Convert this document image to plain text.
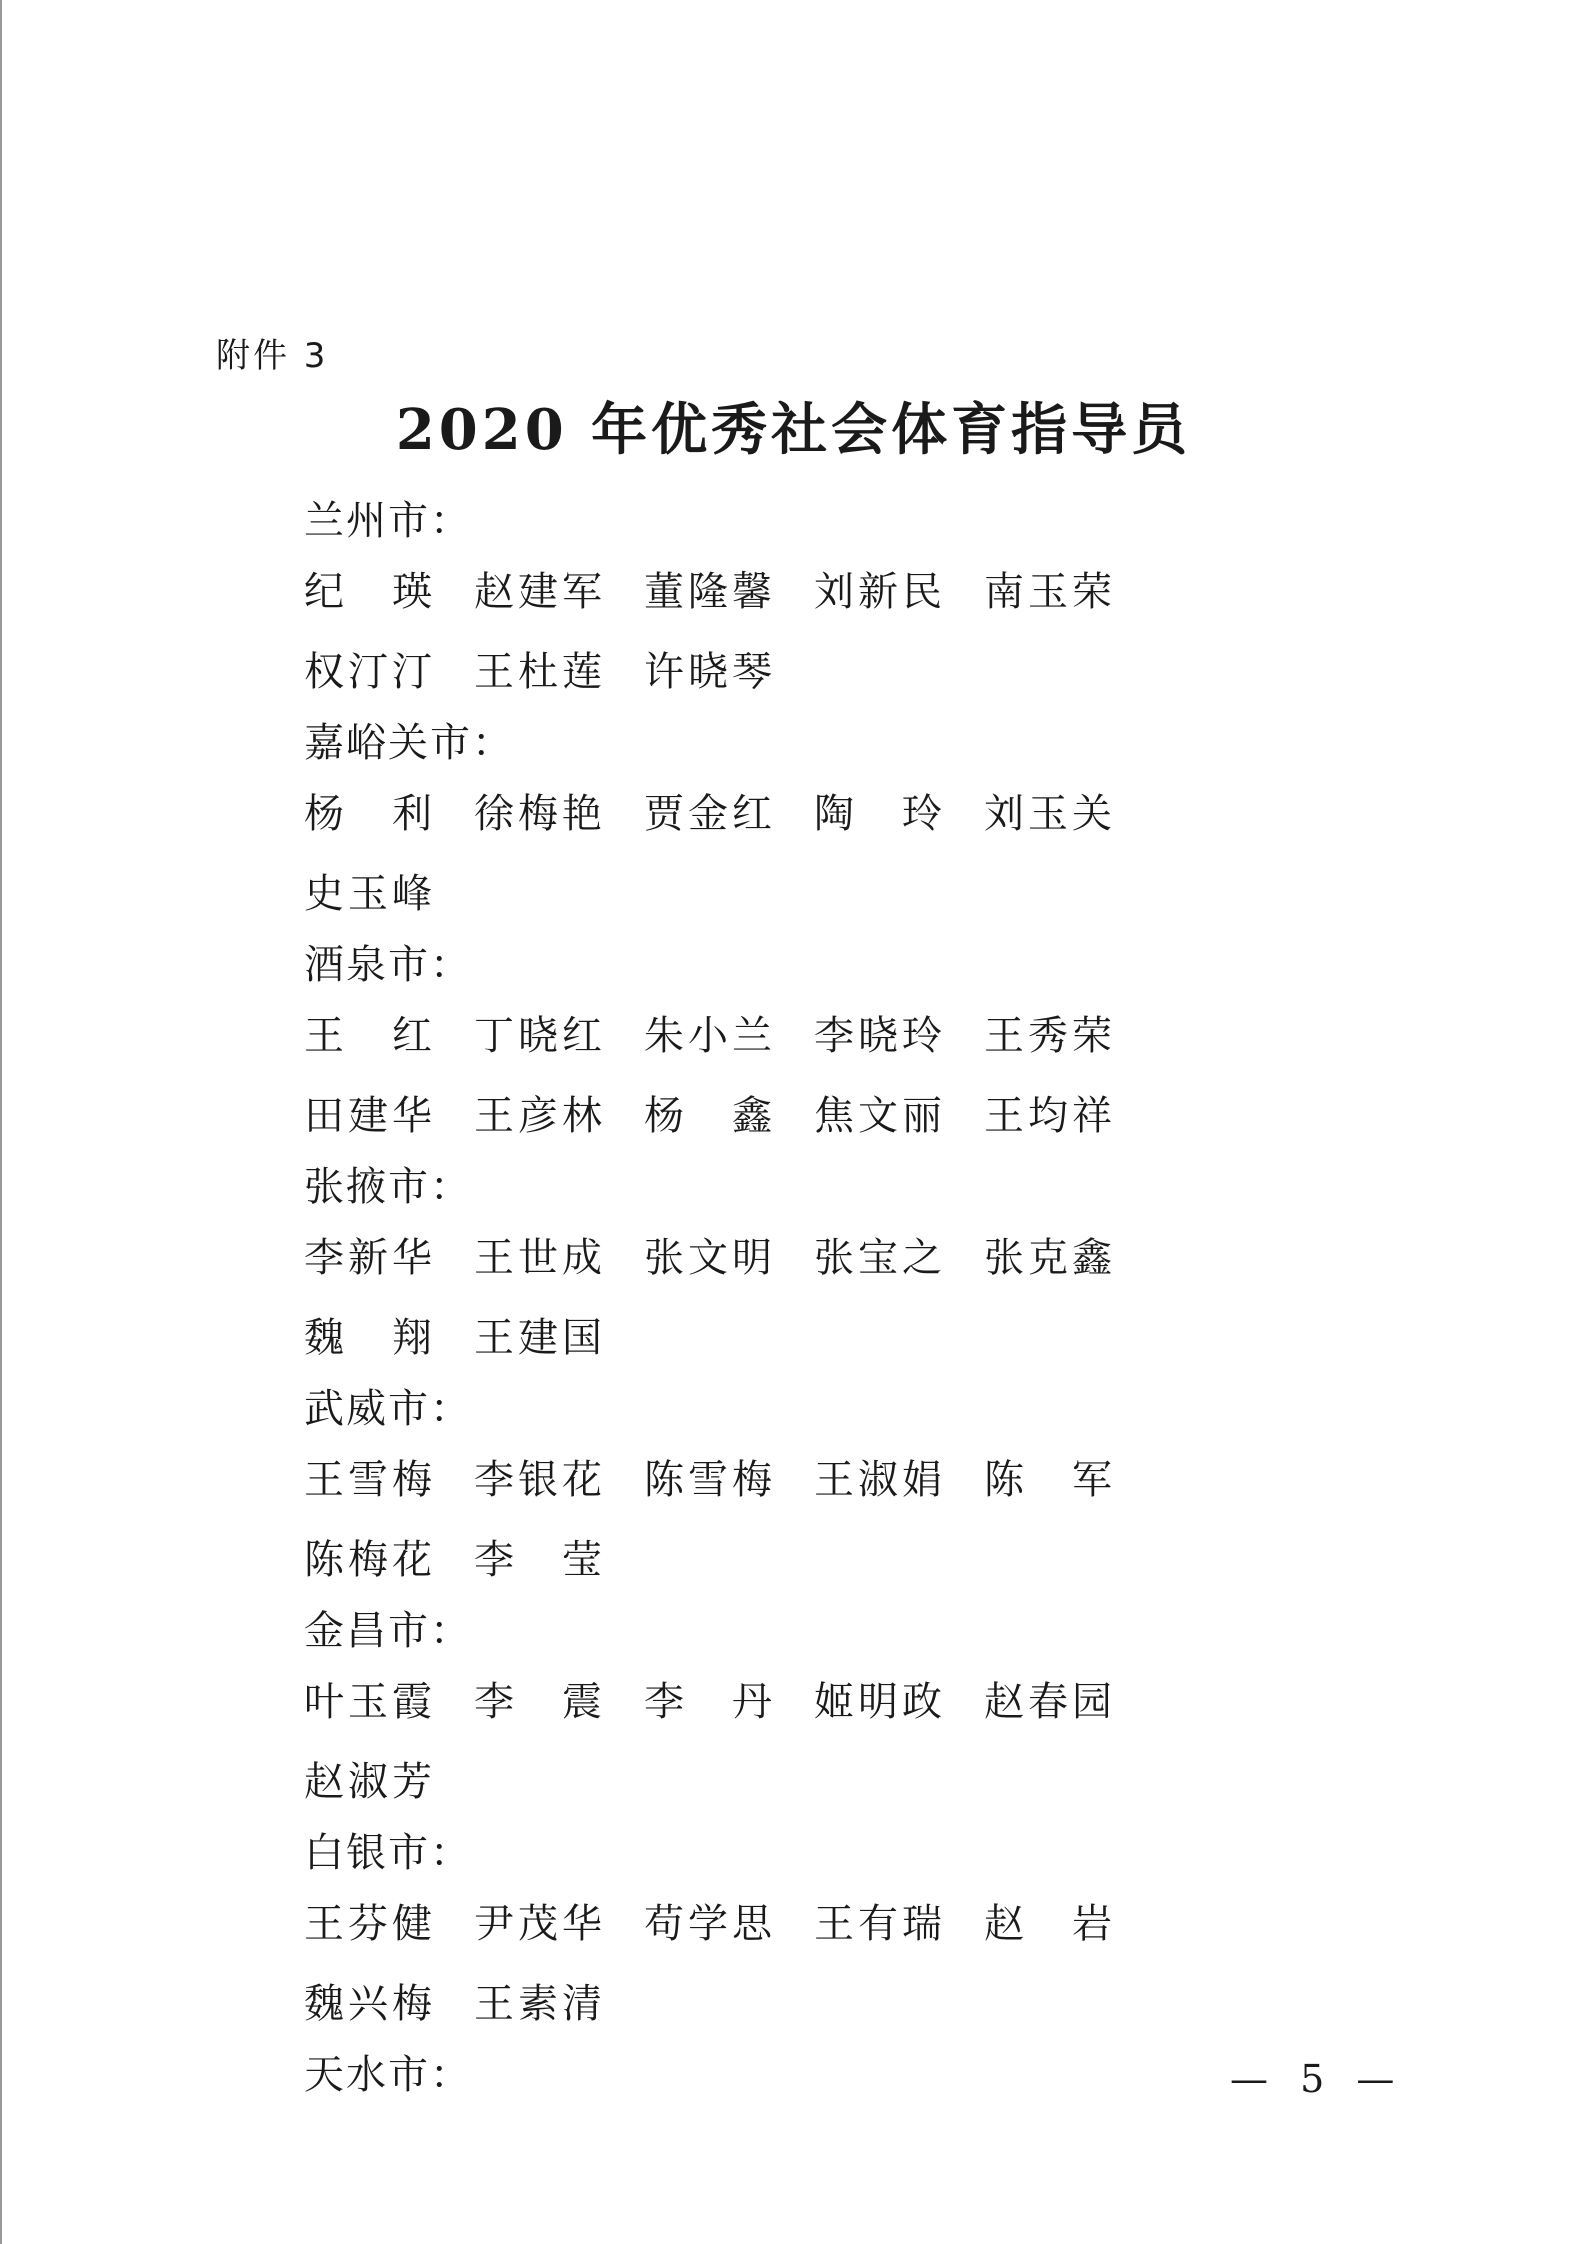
附件 3
2020 年优秀社会体育指导员
兰州市：
纪　瑛 赵建军 董隆馨 刘新民 南玉荣
权汀汀 王杜莲 许晓琴
嘉峪关市：
杨　利 徐梅艳 贾金红 陶　玲 刘玉关
史玉峰
酒泉市：
王　红 丁晓红 朱小兰 李晓玲 王秀荣
田建华 王彦林 杨　鑫 焦文丽 王均祥
张掖市：
李新华 王世成 张文明 张宝之 张克鑫
魏　翔 王建国
武威市：
王雪梅 李银花 陈雪梅 王淑娟 陈　军
陈梅花 李　莹
金昌市：
叶玉霞 李　震 李　丹 姬明政 赵春园
赵淑芳
白银市：
王芬健 尹茂华 苟学思 王有瑞 赵　岩
魏兴梅 王素清
天水市：	— 5 —
